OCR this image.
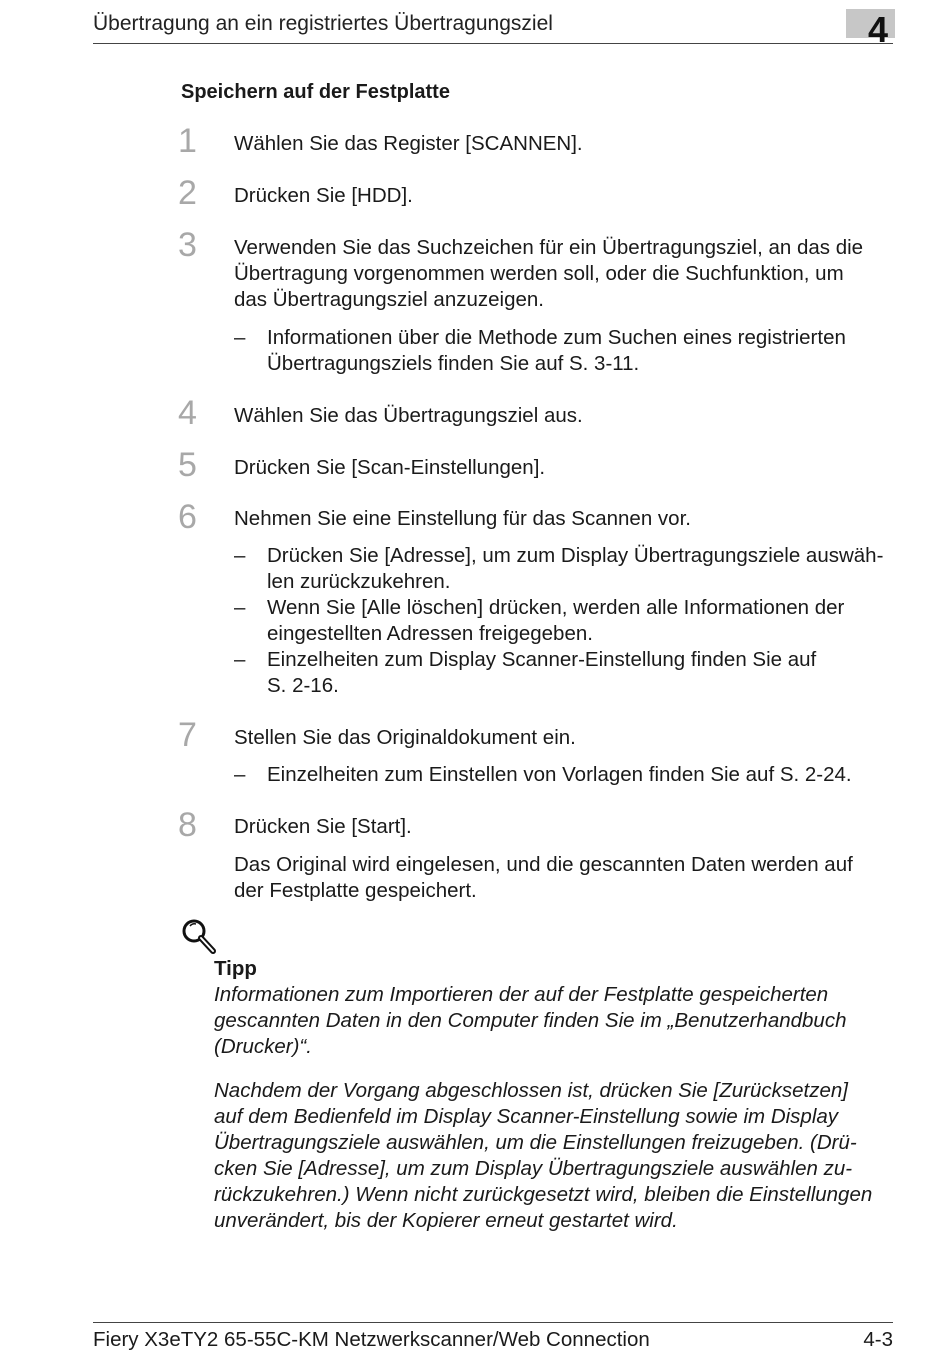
Übertragung an ein registriertes Übertragungsziel	4
Speichern auf der Festplatte
1	Wählen Sie das Register [SCANNEN].
2	Drücken Sie [HDD].
3	Verwenden Sie das Suchzeichen für ein Übertragungsziel, an das die
Übertragung vorgenommen werden soll, oder die Suchfunktion, um
das Übertragungsziel anzuzeigen.
– Informationen über die Methode zum Suchen eines registrierten
Übertragungsziels finden Sie auf S. 3-11.
4	Wählen Sie das Übertragungsziel aus.
5	Drücken Sie [Scan-Einstellungen].
6	Nehmen Sie eine Einstellung für das Scannen vor.
– Drücken Sie [Adresse], um zum Display Übertragungsziele auswäh-
len zurückzukehren.
– Wenn Sie [Alle löschen] drücken, werden alle Informationen der
eingestellten Adressen freigegeben.
– Einzelheiten zum Display Scanner-Einstellung finden Sie auf
S. 2-16.
7	Stellen Sie das Originaldokument ein.
– Einzelheiten zum Einstellen von Vorlagen finden Sie auf S. 2-24.
8	Drücken Sie [Start].
Das Original wird eingelesen, und die gescannten Daten werden auf
der Festplatte gespeichert.
Tipp
Informationen zum Importieren der auf der Festplatte gespeicherten
gescannten Daten in den Computer finden Sie im „Benutzerhandbuch
(Drucker)“.
Nachdem der Vorgang abgeschlossen ist, drücken Sie [Zurücksetzen]
auf dem Bedienfeld im Display Scanner-Einstellung sowie im Display
Übertragungsziele auswählen, um die Einstellungen freizugeben. (Drü-
cken Sie [Adresse], um zum Display Übertragungsziele auswählen zu-
rückzukehren.) Wenn nicht zurückgesetzt wird, bleiben die Einstellungen
unverändert, bis der Kopierer erneut gestartet wird.
Fiery X3eTY2 65-55C-KM Netzwerkscanner/Web Connection	4-3
